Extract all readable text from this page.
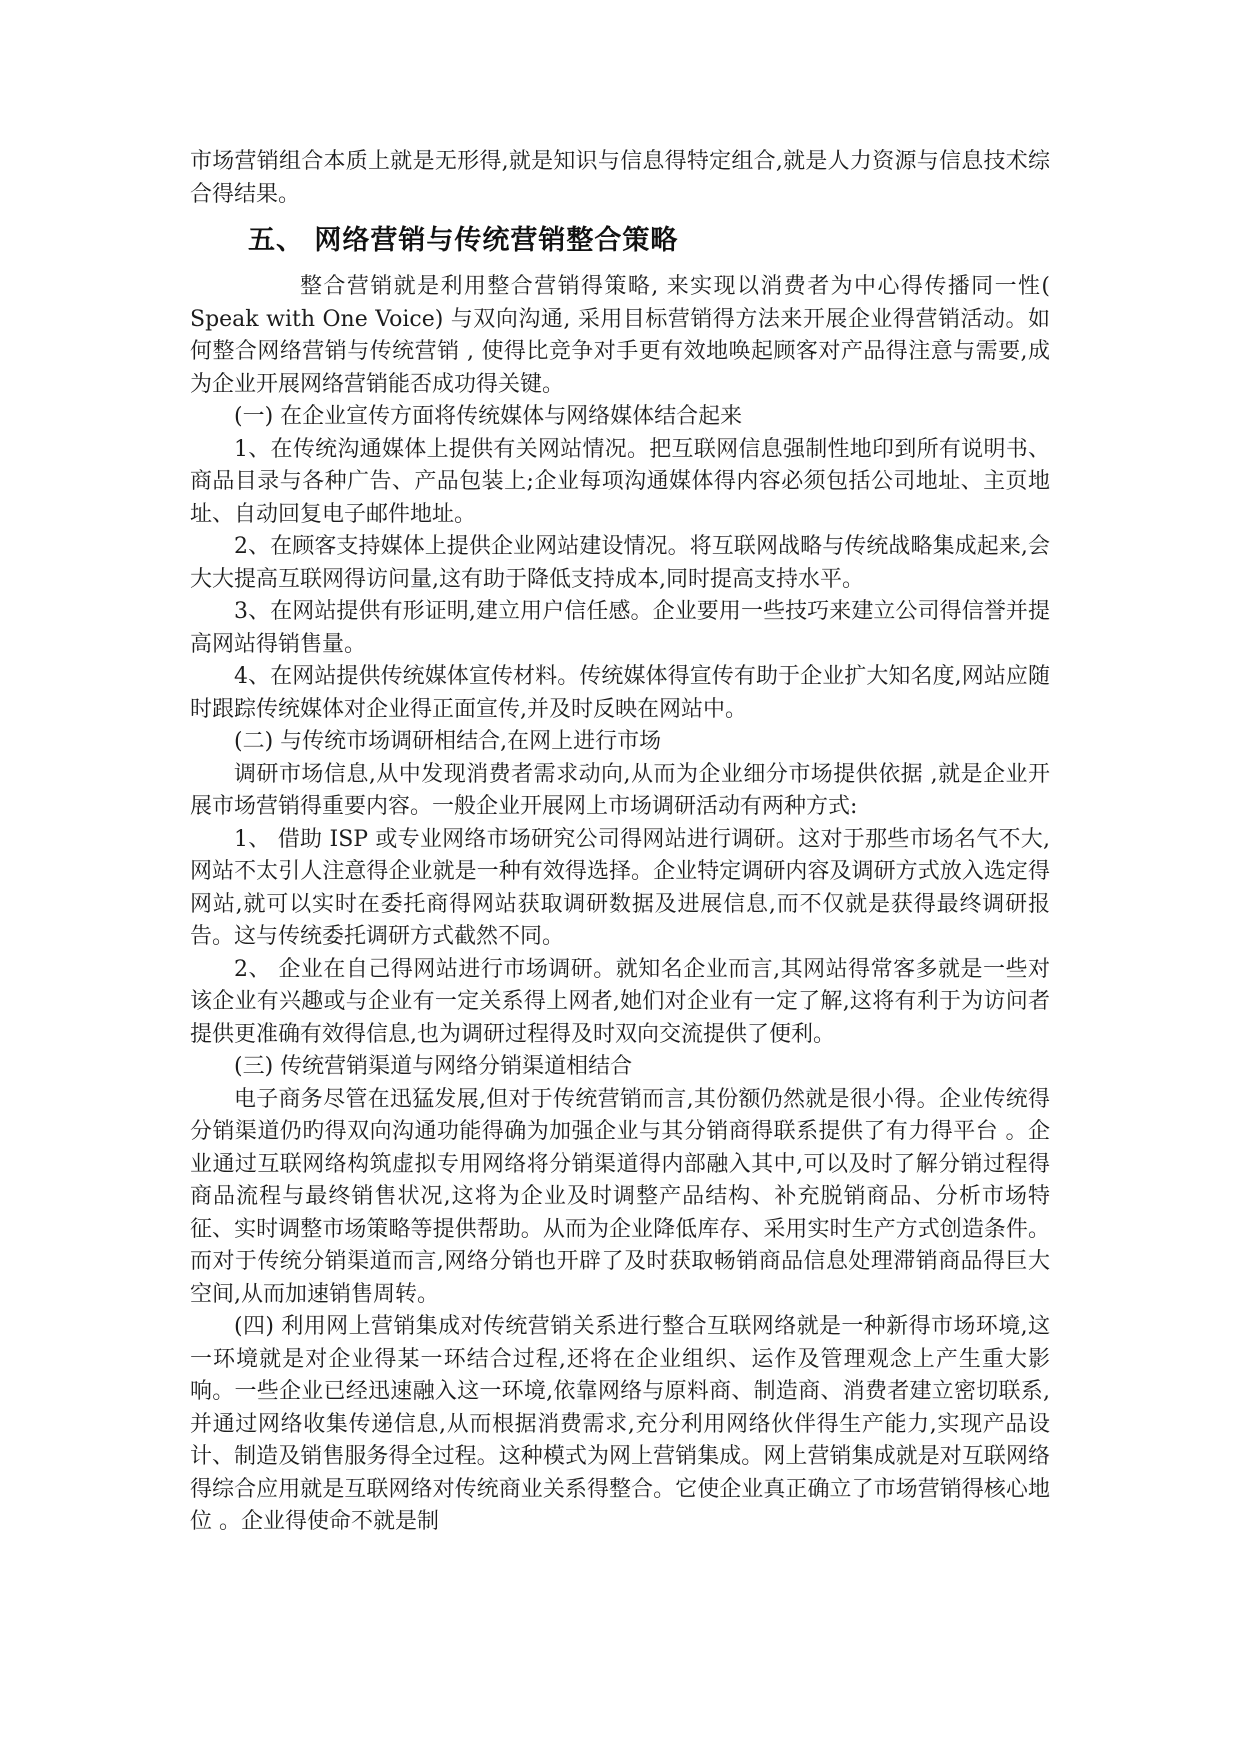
市场营销组合本质上就是无形得,就是知识与信息得特定组合,就是人力资源与信息技术综合得结果。

五、 网络营销与传统营销整合策略

整合营销就是利用整合营销得策略, 来实现以消费者为中心得传播同一性( Speak with One Voice) 与双向沟通, 采用目标营销得方法来开展企业得营销活动。如何整合网络营销与传统营销 , 使得比竞争对手更有效地唤起顾客对产品得注意与需要,成为企业开展网络营销能否成功得关键。

(一) 在企业宣传方面将传统媒体与网络媒体结合起来

1、在传统沟通媒体上提供有关网站情况。把互联网信息强制性地印到所有说明书、商品目录与各种广告、产品包装上;企业每项沟通媒体得内容必须包括公司地址、主页地址、自动回复电子邮件地址。

2、在顾客支持媒体上提供企业网站建设情况。将互联网战略与传统战略集成起来,会大大提高互联网得访问量,这有助于降低支持成本,同时提高支持水平。

3、在网站提供有形证明,建立用户信任感。企业要用一些技巧来建立公司得信誉并提高网站得销售量。

4、在网站提供传统媒体宣传材料。传统媒体得宣传有助于企业扩大知名度,网站应随时跟踪传统媒体对企业得正面宣传,并及时反映在网站中。

(二) 与传统市场调研相结合,在网上进行市场

调研市场信息,从中发现消费者需求动向,从而为企业细分市场提供依据 ,就是企业开展市场营销得重要内容。一般企业开展网上市场调研活动有两种方式:

1、 借助 ISP 或专业网络市场研究公司得网站进行调研。这对于那些市场名气不大,网站不太引人注意得企业就是一种有效得选择。企业特定调研内容及调研方式放入选定得网站,就可以实时在委托商得网站获取调研数据及进展信息,而不仅就是获得最终调研报告。这与传统委托调研方式截然不同。

2、 企业在自己得网站进行市场调研。就知名企业而言,其网站得常客多就是一些对该企业有兴趣或与企业有一定关系得上网者,她们对企业有一定了解,这将有利于为访问者提供更准确有效得信息,也为调研过程得及时双向交流提供了便利。

(三) 传统营销渠道与网络分销渠道相结合

电子商务尽管在迅猛发展,但对于传统营销而言,其份额仍然就是很小得。企业传统得分销渠道仍旳得双向沟通功能得确为加强企业与其分销商得联系提供了有力得平台 。企业通过互联网络构筑虚拟专用网络将分销渠道得内部融入其中,可以及时了解分销过程得商品流程与最终销售状况,这将为企业及时调整产品结构、补充脱销商品、分析市场特征、实时调整市场策略等提供帮助。从而为企业降低库存、采用实时生产方式创造条件。而对于传统分销渠道而言,网络分销也开辟了及时获取畅销商品信息处理滞销商品得巨大空间,从而加速销售周转。

(四) 利用网上营销集成对传统营销关系进行整合互联网络就是一种新得市场环境,这一环境就是对企业得某一环结合过程,还将在企业组织、运作及管理观念上产生重大影响。一些企业已经迅速融入这一环境,依靠网络与原料商、制造商、消费者建立密切联系,并通过网络收集传递信息,从而根据消费需求,充分利用网络伙伴得生产能力,实现产品设计、制造及销售服务得全过程。这种模式为网上营销集成。网上营销集成就是对互联网络得综合应用就是互联网络对传统商业关系得整合。它使企业真正确立了市场营销得核心地位 。企业得使命不就是制
